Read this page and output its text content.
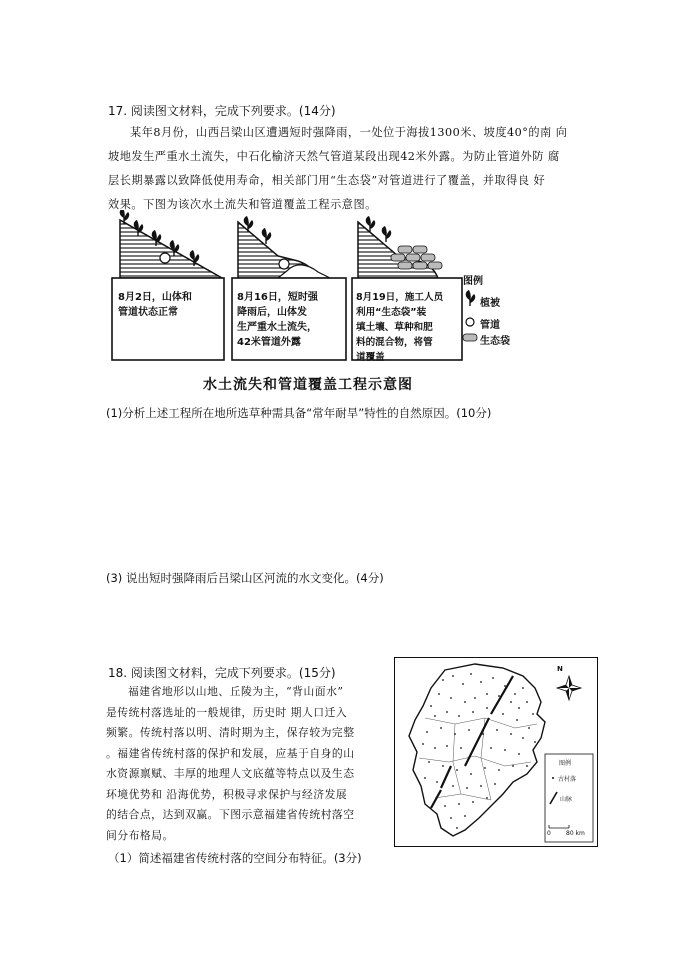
17. 阅读图文材料，完成下列要求。(14分)
某年8月份，山西吕梁山区遭遇短时强降雨，一处位于海拔1300米、坡度40°的南 向
坡地发生严重水土流失，中石化榆济天然气管道某段出现42米外露。为防止管道外防 腐
层长期暴露以致降低使用寿命，相关部门用“生态袋”对管道进行了覆盖，并取得良 好
效果。下图为该次水土流失和管道覆盖工程示意图。
8月2日，山体和
管道状态正常
8月16日，短时强
降雨后，山体发
生严重水土流失，
42米管道外露
8月19日，施工人员
利用“生态袋”装
填土壤、草种和肥
料的混合物，将管
道覆盖
图例
植被
管道
生态袋
水土流失和管道覆盖工程示意图
(1)分析上述工程所在地所选草种需具备“常年耐旱”特性的自然原因。(10分)
(3) 说出短时强降雨后吕梁山区河流的水文变化。(4分)
18. 阅读图文材料，完成下列要求。(15分)
福建省地形以山地、丘陵为主，“背山面水”
是传统村落选址的一般规律，历史时 期人口迁入
频繁。传统村落以明、清时期为主，保存较为完整
。福建省传统村落的保护和发展，应基于自身的山
水资源禀赋、丰厚的地理人文底蕴等特点以及生态
环境优势和 沿海优势，积极寻求保护与经济发展
的结合点，达到双赢。下图示意福建省传统村落空
间分布格局。
（1）简述福建省传统村落的空间分布特征。(3分)
N
图例
古村落
山脉
0	80 km
